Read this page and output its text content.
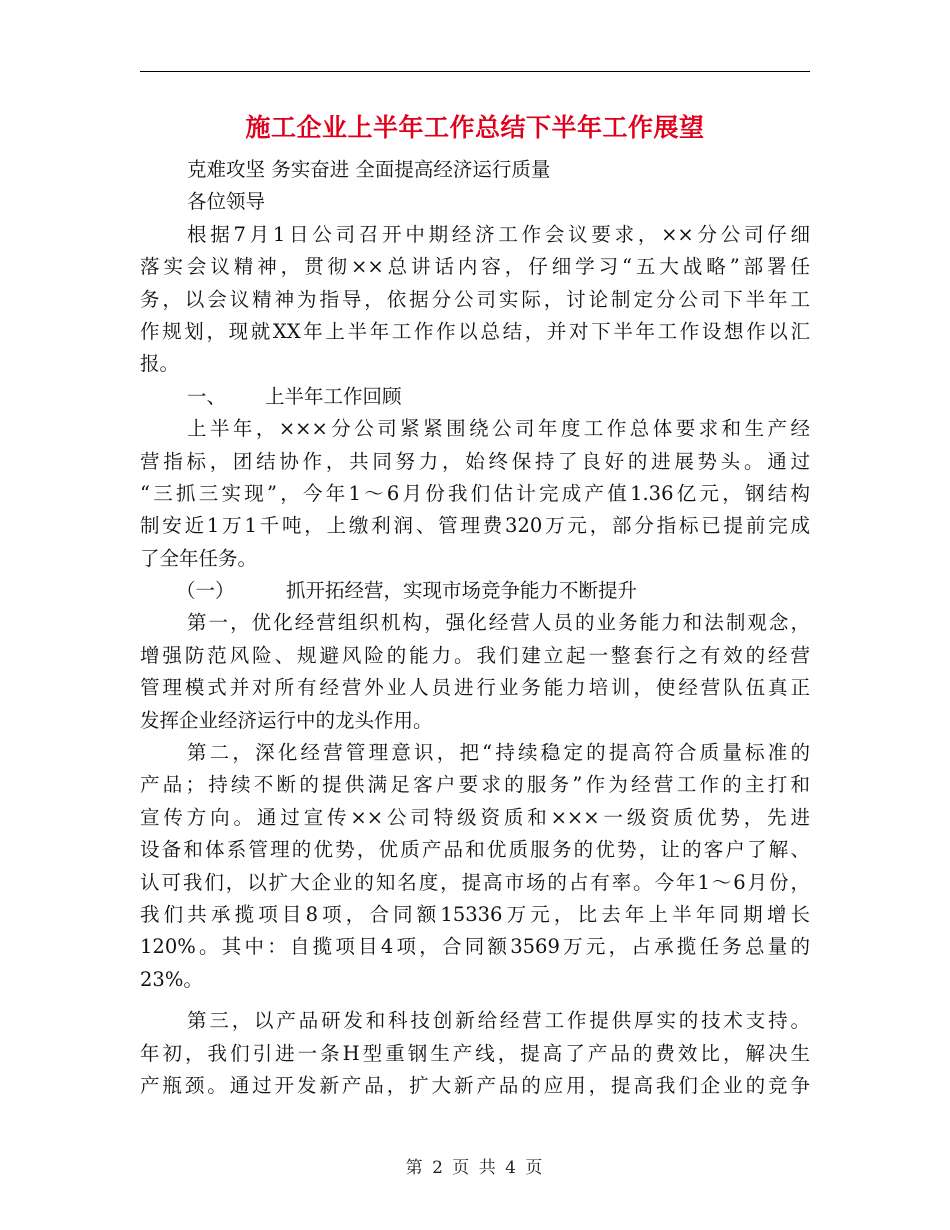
施工企业上半年工作总结下半年工作展望
克难攻坚 务实奋进 全面提高经济运行质量
各位领导
根据7月1日公司召开中期经济工作会议要求，××分公司仔细
落实会议精神，贯彻××总讲话内容，仔细学习“五大战略”部署任
务，以会议精神为指导，依据分公司实际，讨论制定分公司下半年工
作规划，现就XX年上半年工作作以总结，并对下半年工作设想作以汇
报。
一、 上半年工作回顾
上半年，×××分公司紧紧围绕公司年度工作总体要求和生产经
营指标，团结协作，共同努力，始终保持了良好的进展势头。通过
“三抓三实现”，今年1～6月份我们估计完成产值1.36亿元，钢结构
制安近1万1千吨，上缴利润、管理费320万元，部分指标已提前完成
了全年任务。
（一）	抓开拓经营，实现市场竞争能力不断提升
第一，优化经营组织机构，强化经营人员的业务能力和法制观念，
增强防范风险、规避风险的能力。我们建立起一整套行之有效的经营
管理模式并对所有经营外业人员进行业务能力培训，使经营队伍真正
发挥企业经济运行中的龙头作用。
第二，深化经营管理意识，把“持续稳定的提高符合质量标准的
产品；持续不断的提供满足客户要求的服务”作为经营工作的主打和
宣传方向。通过宣传××公司特级资质和×××一级资质优势，先进
设备和体系管理的优势，优质产品和优质服务的优势，让的客户了解、
认可我们，以扩大企业的知名度，提高市场的占有率。今年1～6月份，
我们共承揽项目8项，合同额15336万元，比去年上半年同期增长
120%。其中：自揽项目4项，合同额3569万元，占承揽任务总量的
23%。
第三，以产品研发和科技创新给经营工作提供厚实的技术支持。
年初，我们引进一条H型重钢生产线，提高了产品的费效比，解决生
产瓶颈。通过开发新产品，扩大新产品的应用，提高我们企业的竞争
第 2 页 共 4 页
